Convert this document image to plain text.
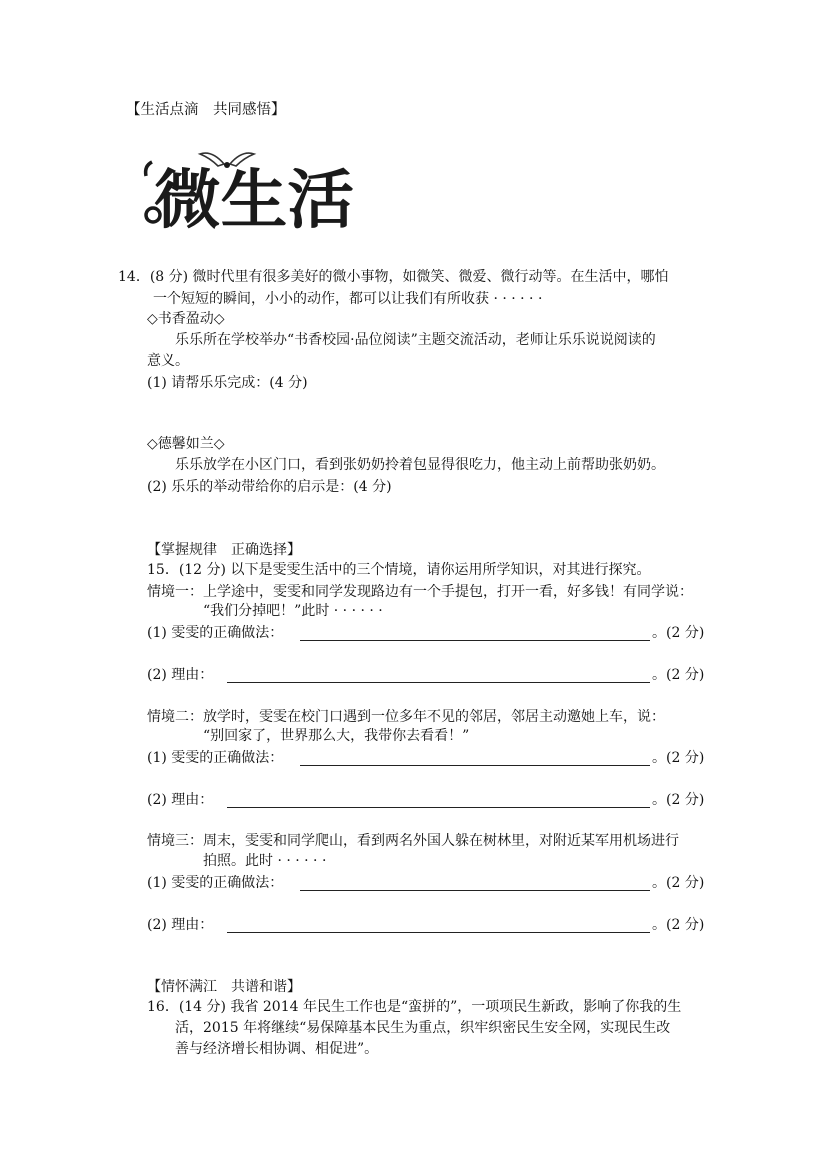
【生活点滴　共同感悟】
微生活
14．(8 分) 微时代里有很多美好的微小事物，如微笑、微爱、微行动等。在生活中，哪怕
一个短短的瞬间，小小的动作，都可以让我们有所收获 · · · · · ·
◇书香盈动◇
乐乐所在学校举办“书香校园·品位阅读”主题交流活动，老师让乐乐说说阅读的
意义。
(1) 请帮乐乐完成：(4 分)
◇德馨如兰◇
乐乐放学在小区门口，看到张奶奶拎着包显得很吃力，他主动上前帮助张奶奶。
(2) 乐乐的举动带给你的启示是：(4 分)
【掌握规律　正确选择】
15．(12 分) 以下是雯雯生活中的三个情境，请你运用所学知识，对其进行探究。
情境一：上学途中，雯雯和同学发现路边有一个手提包，打开一看，好多钱！有同学说：
“我们分掉吧！”此时 · · · · · ·
(1) 雯雯的正确做法：	。(2 分)
(2) 理由：	。(2 分)
情境二：放学时，雯雯在校门口遇到一位多年不见的邻居，邻居主动邀她上车，说：
“别回家了，世界那么大，我带你去看看！”
(1) 雯雯的正确做法：	。(2 分)
(2) 理由：	。(2 分)
情境三：周末，雯雯和同学爬山，看到两名外国人躲在树林里，对附近某军用机场进行
拍照。此时 · · · · · ·
(1) 雯雯的正确做法：	。(2 分)
(2) 理由：	。(2 分)
【情怀满江　共谱和谐】
16．(14 分) 我省 2014 年民生工作也是“蛮拼的”，一项项民生新政，影响了你我的生
活，2015 年将继续“易保障基本民生为重点，织牢织密民生安全网，实现民生改
善与经济增长相协调、相促进”。
